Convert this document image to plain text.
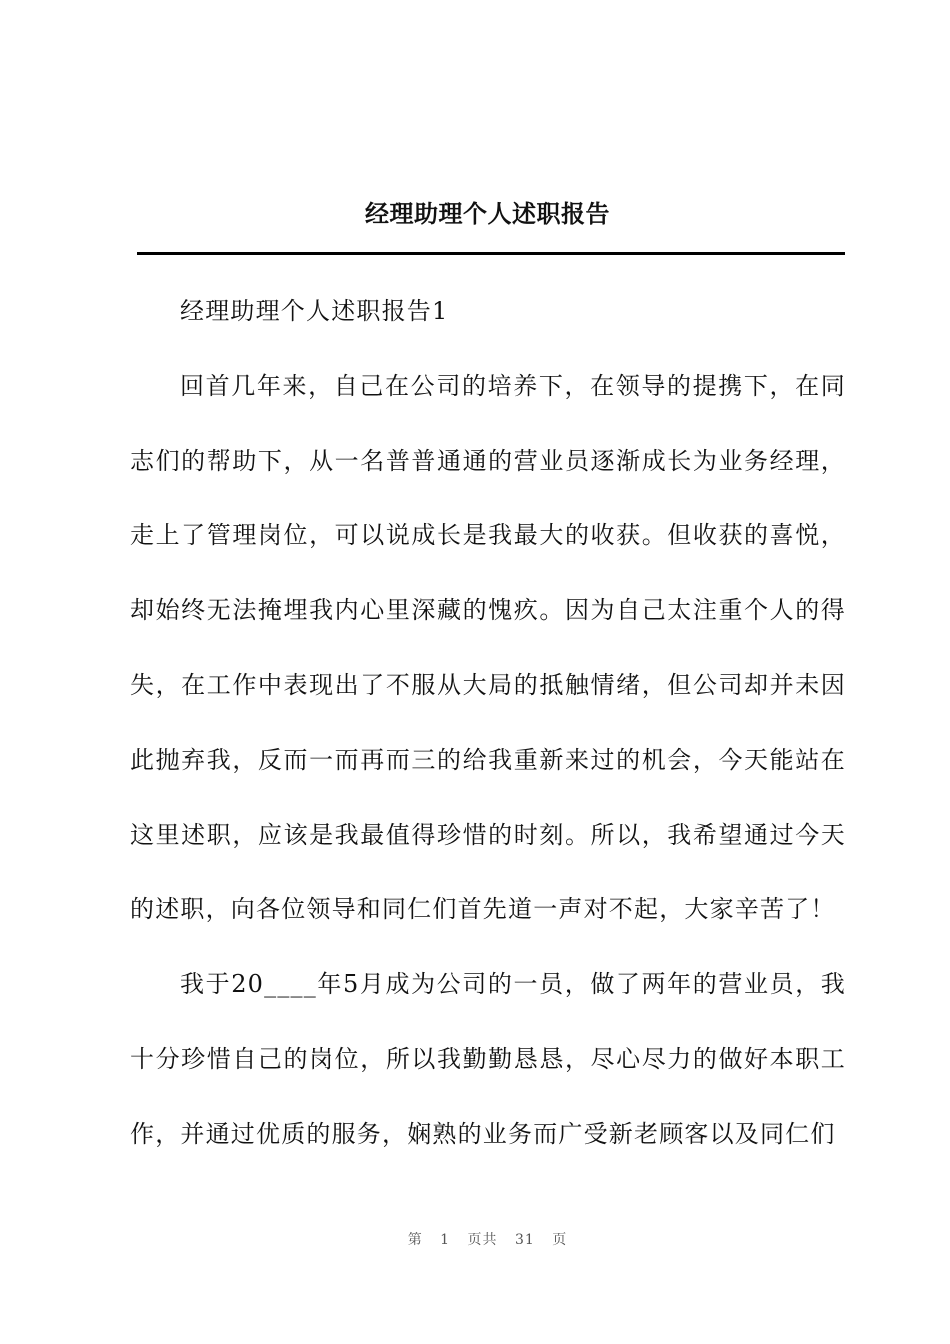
经理助理个人述职报告

经理助理个人述职报告1

回首几年来，自己在公司的培养下，在领导的提携下，在同志们的帮助下，从一名普普通通的营业员逐渐成长为业务经理，走上了管理岗位，可以说成长是我最大的收获。但收获的喜悦，却始终无法掩埋我内心里深藏的愧疚。因为自己太注重个人的得失，在工作中表现出了不服从大局的抵触情绪，但公司却并未因此抛弃我，反而一而再而三的给我重新来过的机会，今天能站在这里述职，应该是我最值得珍惜的时刻。所以，我希望通过今天的述职，向各位领导和同仁们首先道一声对不起，大家辛苦了！

我于20____年5月成为公司的一员，做了两年的营业员，我十分珍惜自己的岗位，所以我勤勤恳恳，尽心尽力的做好本职工作，并通过优质的服务，娴熟的业务而广受新老顾客以及同仁们

第 1 页共 31 页
